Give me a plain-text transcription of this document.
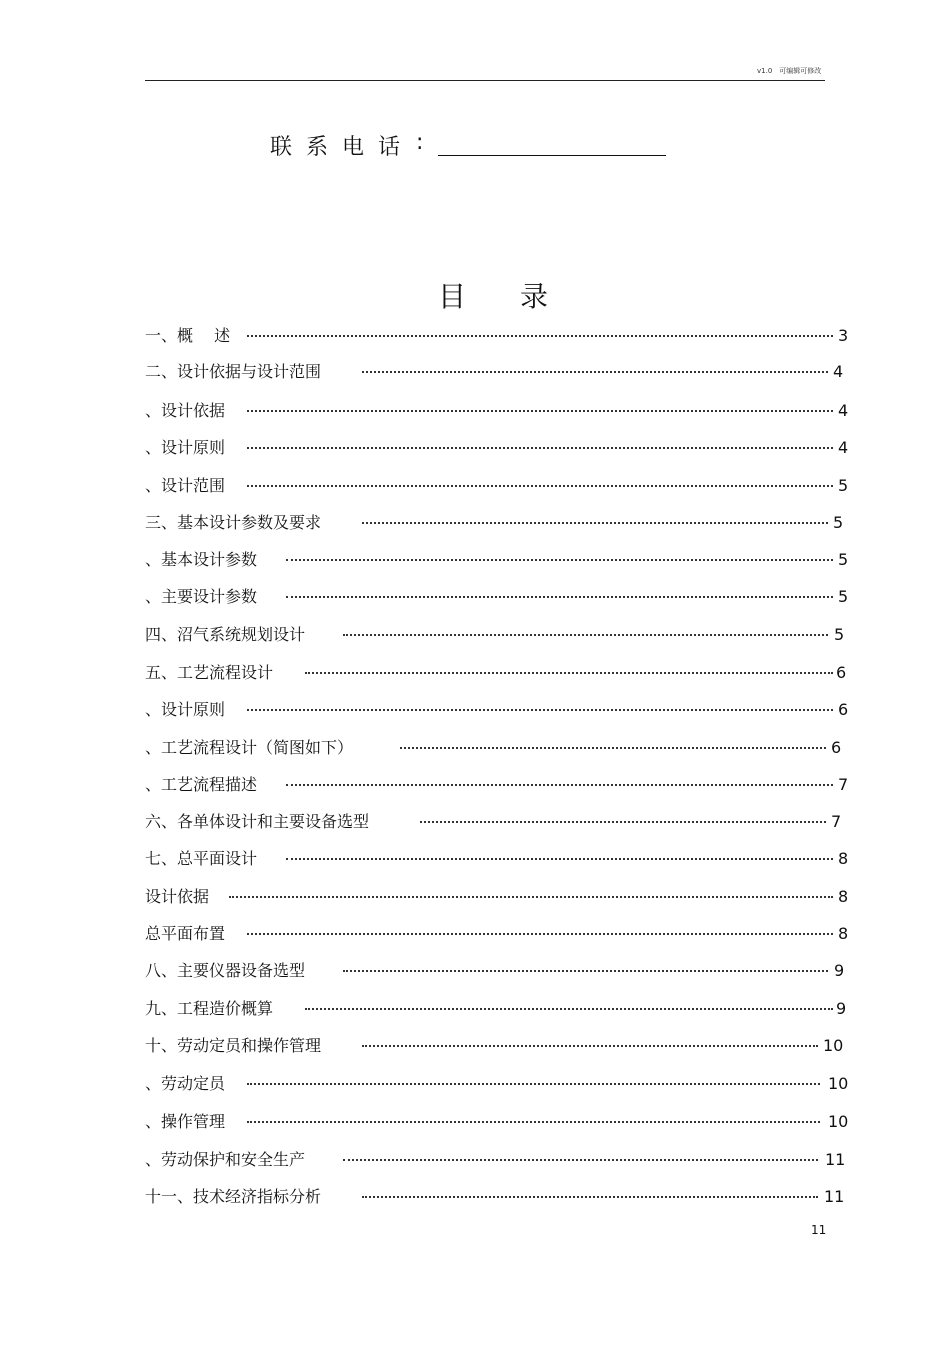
v1.0　可编辑可修改
联系电话 :
目录
一、概　 述	3
二、设计依据与设计范围	4
、设计依据	4
、设计原则	4
、设计范围	5
三、基本设计参数及要求	5
、基本设计参数	5
、主要设计参数	5
四、沼气系统规划设计	5
五、工艺流程设计	6
、设计原则	6
、工艺流程设计（简图如下）	6
、工艺流程描述	7
六、各单体设计和主要设备选型	7
七、总平面设计	8
设计依据	8
总平面布置	8
八、主要仪器设备选型	9
九、工程造价概算	9
十、劳动定员和操作管理	10
、劳动定员	10
、操作管理	10
、劳动保护和安全生产	11
十一、技术经济指标分析	11
11
